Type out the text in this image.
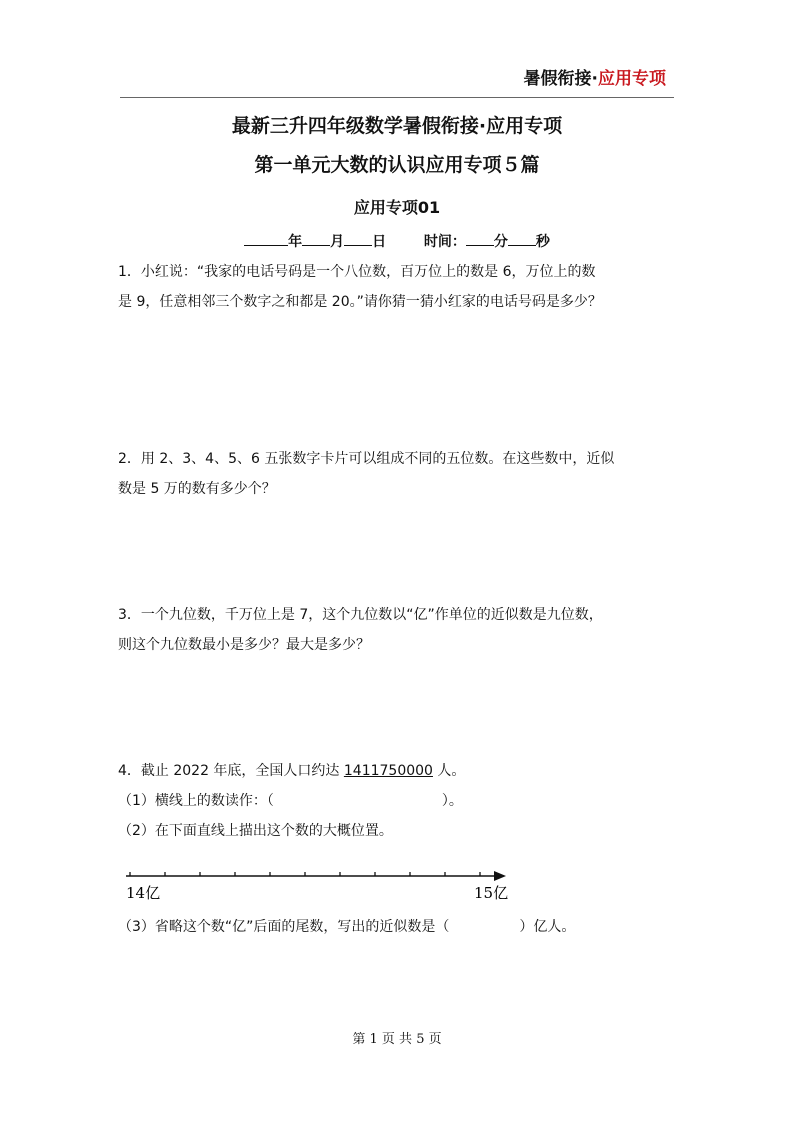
暑假衔接·应用专项
最新三升四年级数学暑假衔接·应用专项
第一单元大数的认识应用专项５篇
应用专项01
年 月 日	时间： 分 秒
1．小红说：“我家的电话号码是一个八位数，百万位上的数是 6，万位上的数
是 9，任意相邻三个数字之和都是 20。”请你猜一猜小红家的电话号码是多少？
2．用 2、3、4、5、6 五张数字卡片可以组成不同的五位数。在这些数中，近似
数是 5 万的数有多少个？
3．一个九位数，千万位上是 7，这个九位数以“亿”作单位的近似数是九位数，
则这个九位数最小是多少？最大是多少？
4．截止 2022 年底，全国人口约达 1411750000 人。
（1）横线上的数读作：（	）。
（2）在下面直线上描出这个数的大概位置。
14亿	15亿
（3）省略这个数“亿”后面的尾数，写出的近似数是（	）亿人。
第 1 页 共 5 页
